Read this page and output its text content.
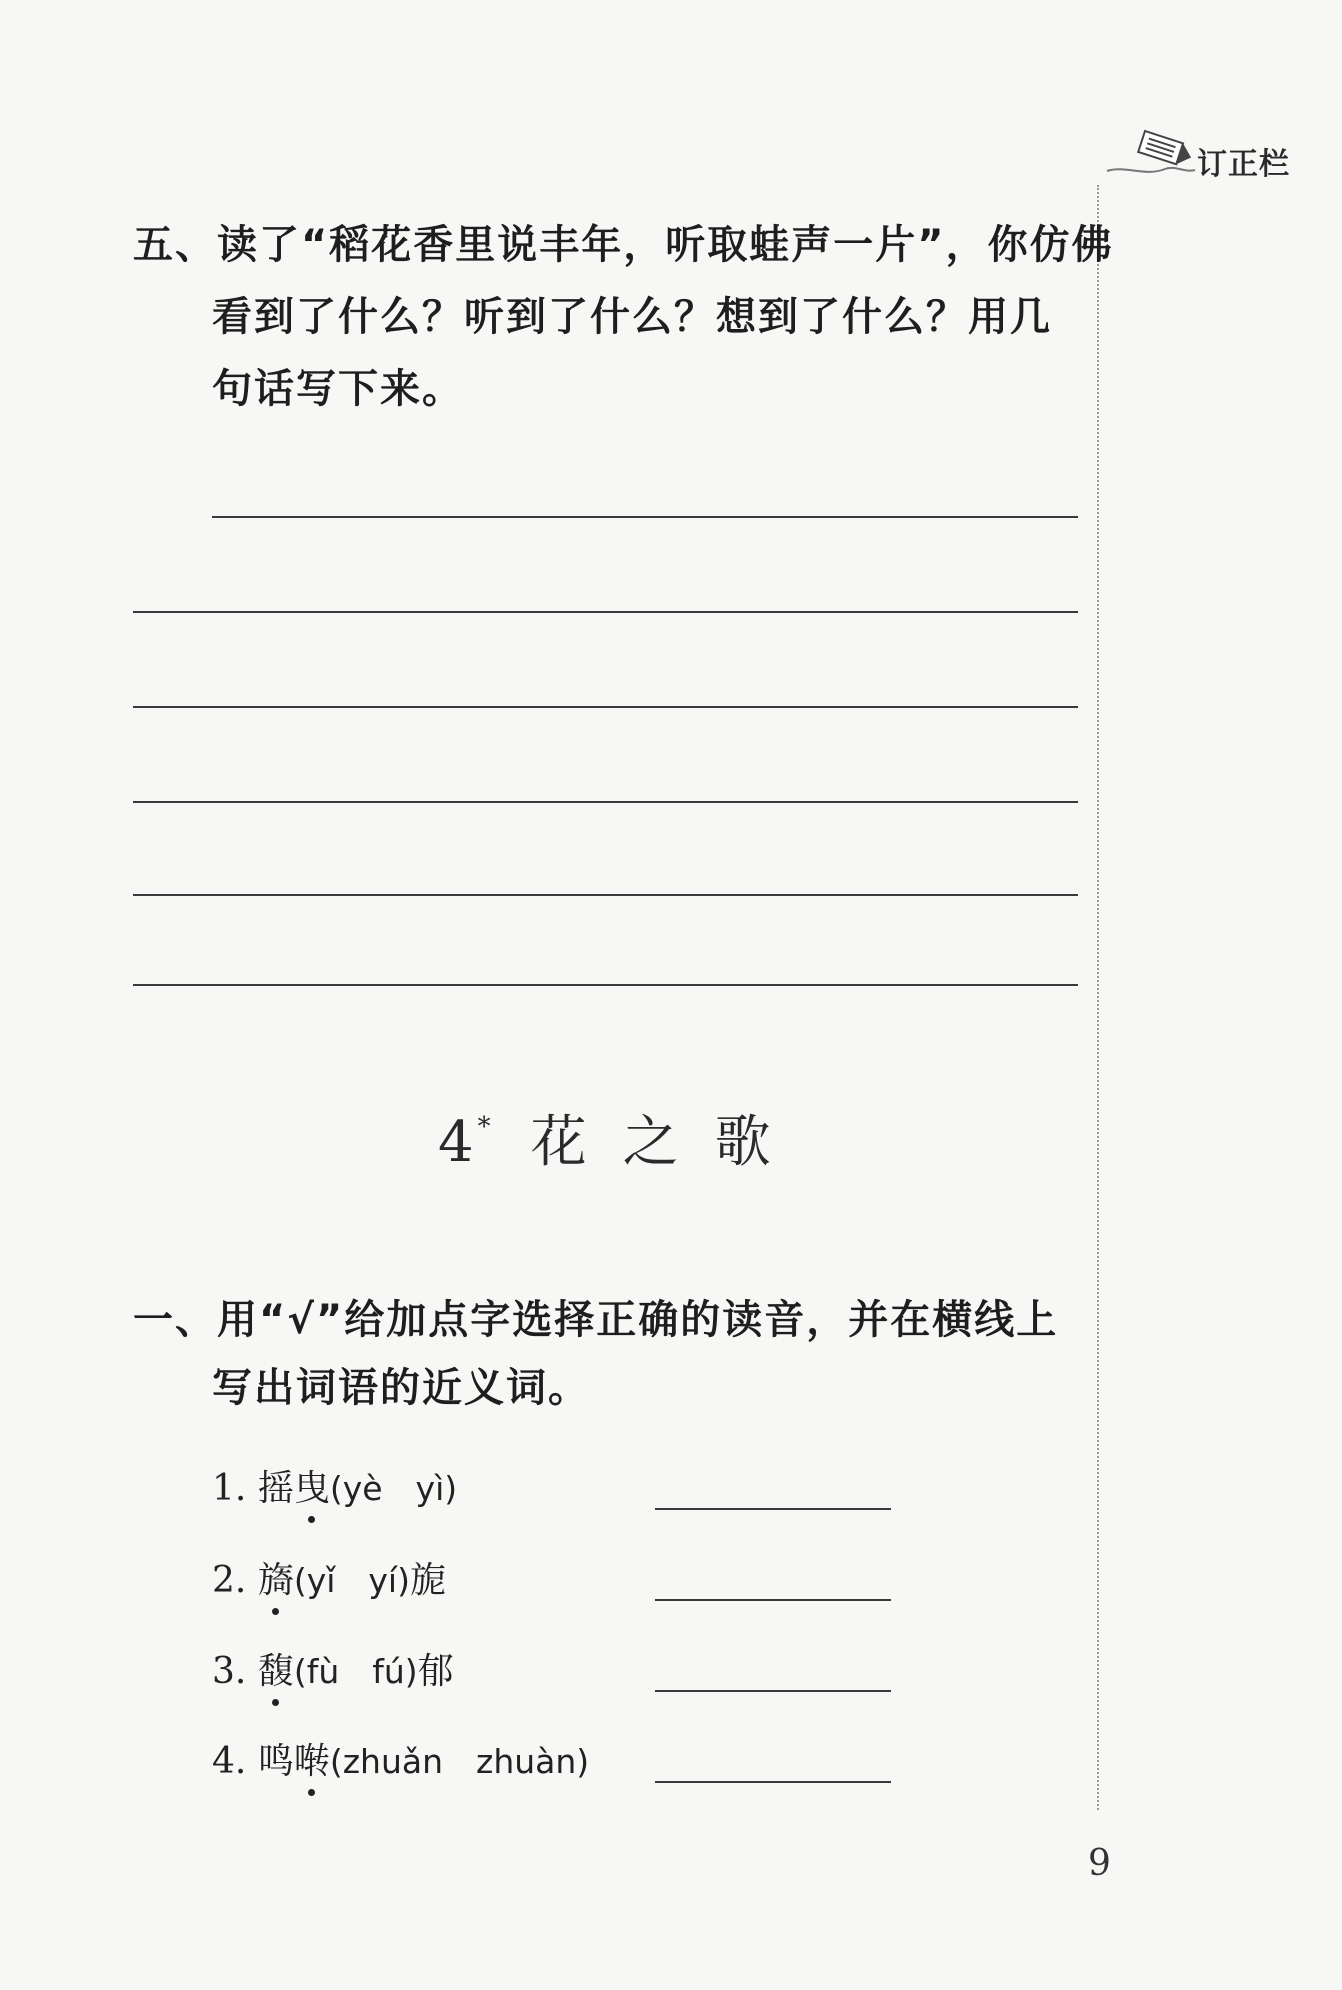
订正栏
五、读了“稻花香里说丰年，听取蛙声一片”，你仿佛
看到了什么？听到了什么？想到了什么？用几
句话写下来。
4 * 花之歌
一、用“√”给加点字选择正确的读音，并在横线上
写出词语的近义词。
1. 摇曳(yè　yì)
2. 旖(yǐ　yí)旎
3. 馥(fù　fú)郁
4. 鸣啭(zhuǎn　zhuàn)
9
